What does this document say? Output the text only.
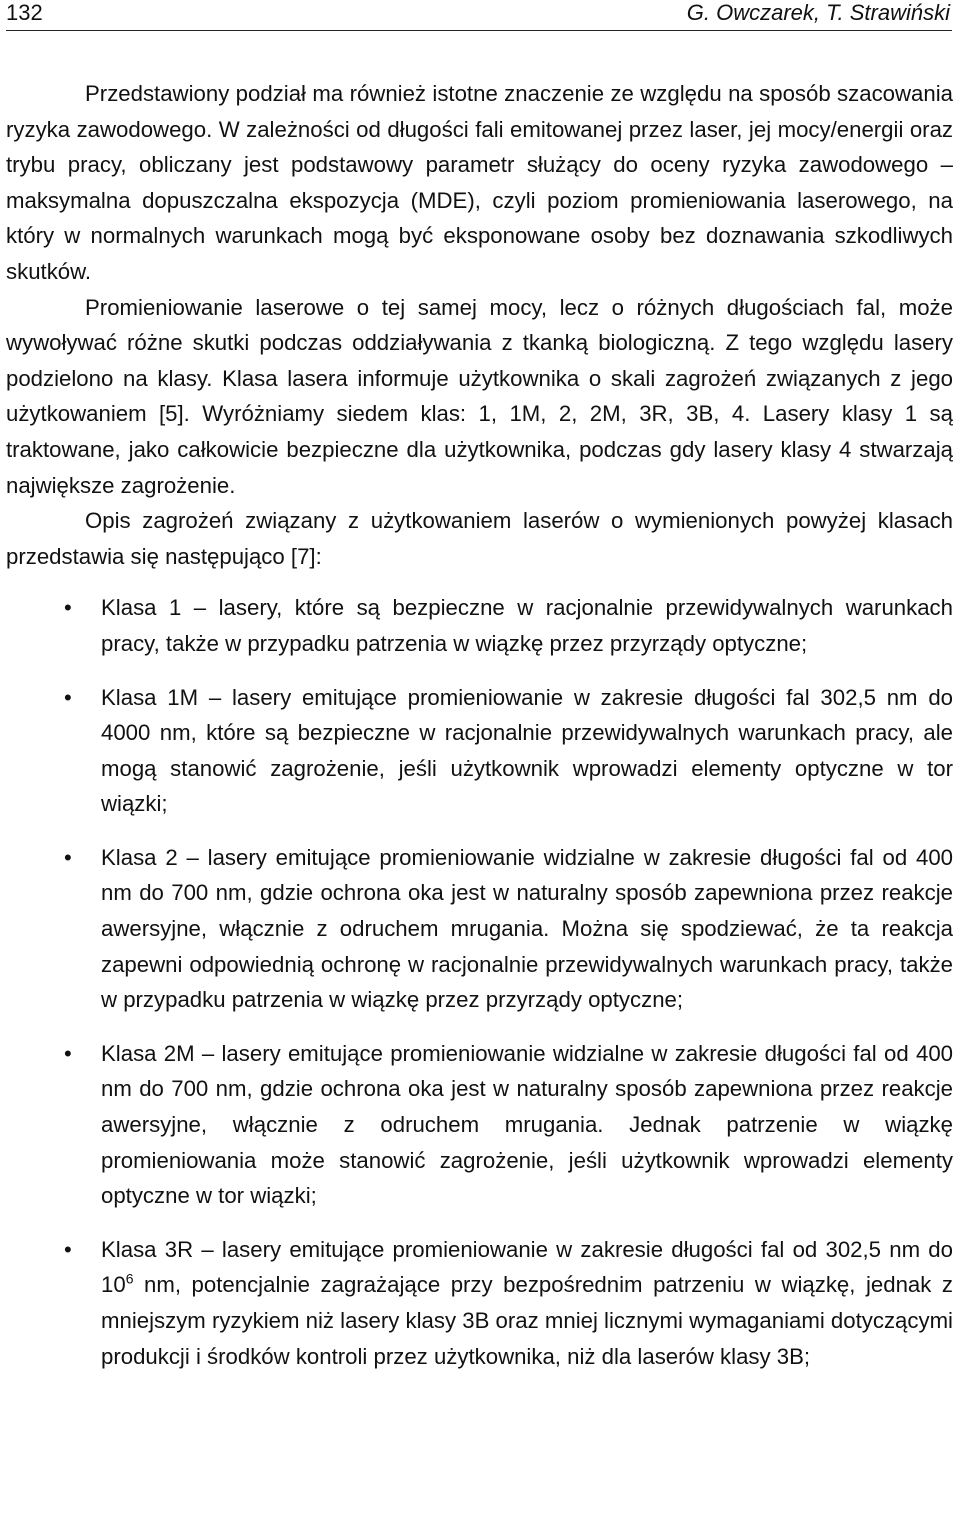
132	G. Owczarek, T. Strawiński

Przedstawiony podział ma również istotne znaczenie ze względu na sposób szacowania ryzyka zawodowego. W zależności od długości fali emitowanej przez laser, jej mocy/energii oraz trybu pracy, obliczany jest podstawowy parametr służący do oceny ryzyka zawodowego – maksymalna dopuszczalna ekspozycja (MDE), czyli poziom promieniowania laserowego, na który w normalnych warunkach mogą być eksponowane osoby bez doznawania szkodliwych skutków.

Promieniowanie laserowe o tej samej mocy, lecz o różnych długościach fal, może wywoływać różne skutki podczas oddziaływania z tkanką biologiczną. Z tego względu lasery podzielono na klasy. Klasa lasera informuje użytkownika o skali zagrożeń związanych z jego użytkowaniem [5]. Wyróżniamy siedem klas: 1, 1M, 2, 2M, 3R, 3B, 4. Lasery klasy 1 są traktowane, jako całkowicie bezpieczne dla użytkownika, podczas gdy lasery klasy 4 stwarzają największe zagrożenie.

Opis zagrożeń związany z użytkowaniem laserów o wymienionych powyżej klasach przedstawia się następująco [7]:

• Klasa 1 – lasery, które są bezpieczne w racjonalnie przewidywalnych warunkach pracy, także w przypadku patrzenia w wiązkę przez przyrządy optyczne;
• Klasa 1M – lasery emitujące promieniowanie w zakresie długości fal 302,5 nm do 4000 nm, które są bezpieczne w racjonalnie przewidywalnych warunkach pracy, ale mogą stanowić zagrożenie, jeśli użytkownik wprowadzi elementy optyczne w tor wiązki;
• Klasa 2 – lasery emitujące promieniowanie widzialne w zakresie długości fal od 400 nm do 700 nm, gdzie ochrona oka jest w naturalny sposób zapewniona przez reakcje awersyjne, włącznie z odruchem mrugania. Można się spodziewać, że ta reakcja zapewni odpowiednią ochronę w racjonalnie przewidywalnych warunkach pracy, także w przypadku patrzenia w wiązkę przez przyrządy optyczne;
• Klasa 2M – lasery emitujące promieniowanie widzialne w zakresie długości fal od 400 nm do 700 nm, gdzie ochrona oka jest w naturalny sposób zapewniona przez reakcje awersyjne, włącznie z odruchem mrugania. Jednak patrzenie w wiązkę promieniowania może stanowić zagrożenie, jeśli użytkownik wprowadzi elementy optyczne w tor wiązki;
• Klasa 3R – lasery emitujące promieniowanie w zakresie długości fal od 302,5 nm do $10^6$ nm, potencjalnie zagrażające przy bezpośrednim patrzeniu w wiązkę, jednak z mniejszym ryzykiem niż lasery klasy 3B oraz mniej licznymi wymaganiami dotyczącymi produkcji i środków kontroli przez użytkownika, niż dla laserów klasy 3B;
